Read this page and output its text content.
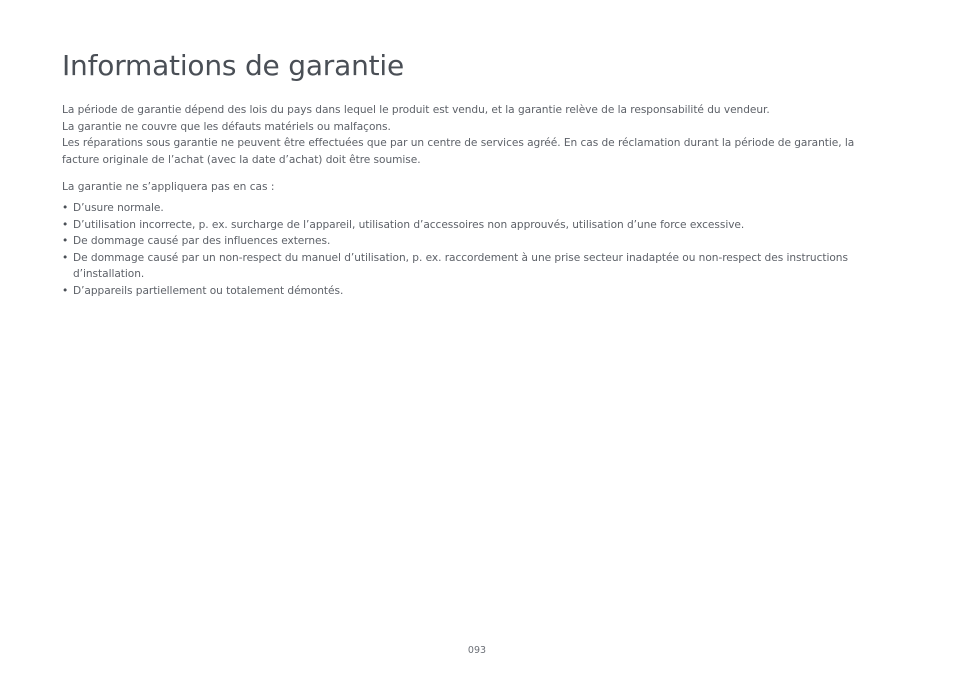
Informations de garantie

La période de garantie dépend des lois du pays dans lequel le produit est vendu, et la garantie relève de la responsabilité du vendeur.

La garantie ne couvre que les défauts matériels ou malfaçons.

Les réparations sous garantie ne peuvent être effectuées que par un centre de services agréé. En cas de réclamation durant la période de garantie, la facture originale de l’achat (avec la date d’achat) doit être soumise.

La garantie ne s’appliquera pas en cas :
• D’usure normale.
• D’utilisation incorrecte, p. ex. surcharge de l’appareil, utilisation d’accessoires non approuvés, utilisation d’une force excessive.
• De dommage causé par des influences externes.
• De dommage causé par un non-respect du manuel d’utilisation, p. ex. raccordement à une prise secteur inadaptée ou non-respect des instructions d’installation.
• D’appareils partiellement ou totalement démontés.
093
